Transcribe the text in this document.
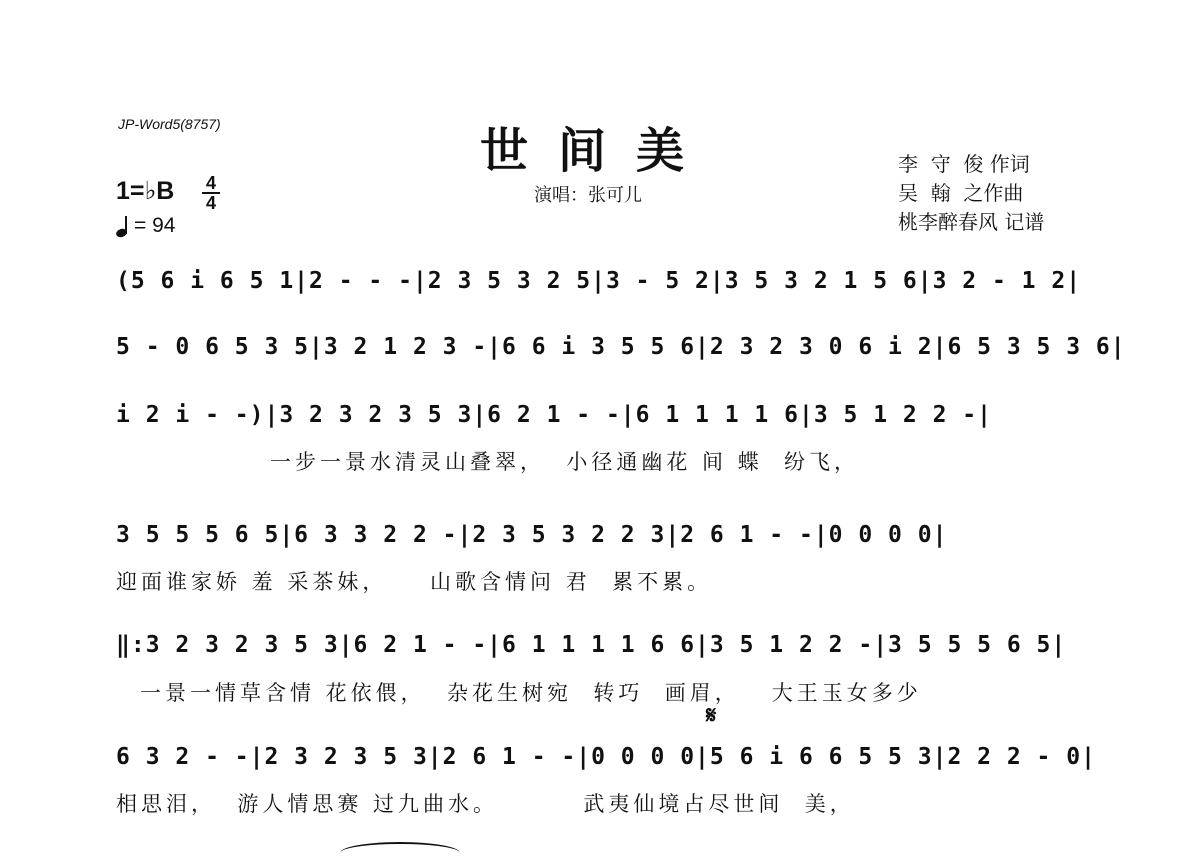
JP-Word5(8757)	世间美
演唱：张可儿
李  守  俊 作词
吴  翰  之作曲
桃李醉春风 记谱
1=♭B	4
4
= 94
(5 6 i 6 5 1|2 - - -|2 3 5 3 2 5|3 - 5 2|3 5 3 2 1 5 6|3 2 - 1 2|
5 - 0 6 5 3 5|3 2 1 2 3 -|6 6 i 3 5 5 6|2 3 2 3 0 6 i 2|6 5 3 5 3 6|
i 2 i - -)|3 2 3 2 3 5 3|6 2 1 - -|6 1 1 1 1 6|3 5 1 2 2 -|
一步一景水清灵山叠翠，  小径通幽花 间 蝶  纷飞，
3 5 5 5 6 5|6 3 3 2 2 -|2 3 5 3 2 2 3|2 6 1 - -|0 0 0 0|
迎面谁家娇 羞 采茶妹，    山歌含情问 君  累不累。
‖:3 2 3 2 3 5 3|6 2 1 - -|6 1 1 1 1 6 6|3 5 1 2 2 -|3 5 5 5 6 5|
一景一情草含情 花依偎，  杂花生树宛  转巧  画眉，   大王玉女多少
𝄋
6 3 2 - -|2 3 2 3 5 3|2 6 1 - -|0 0 0 0|5 6 i 6 6 5 5 3|2 2 2 - 0|
相思泪，  游人情思赛 过九曲水。        武夷仙境占尽世间  美，
